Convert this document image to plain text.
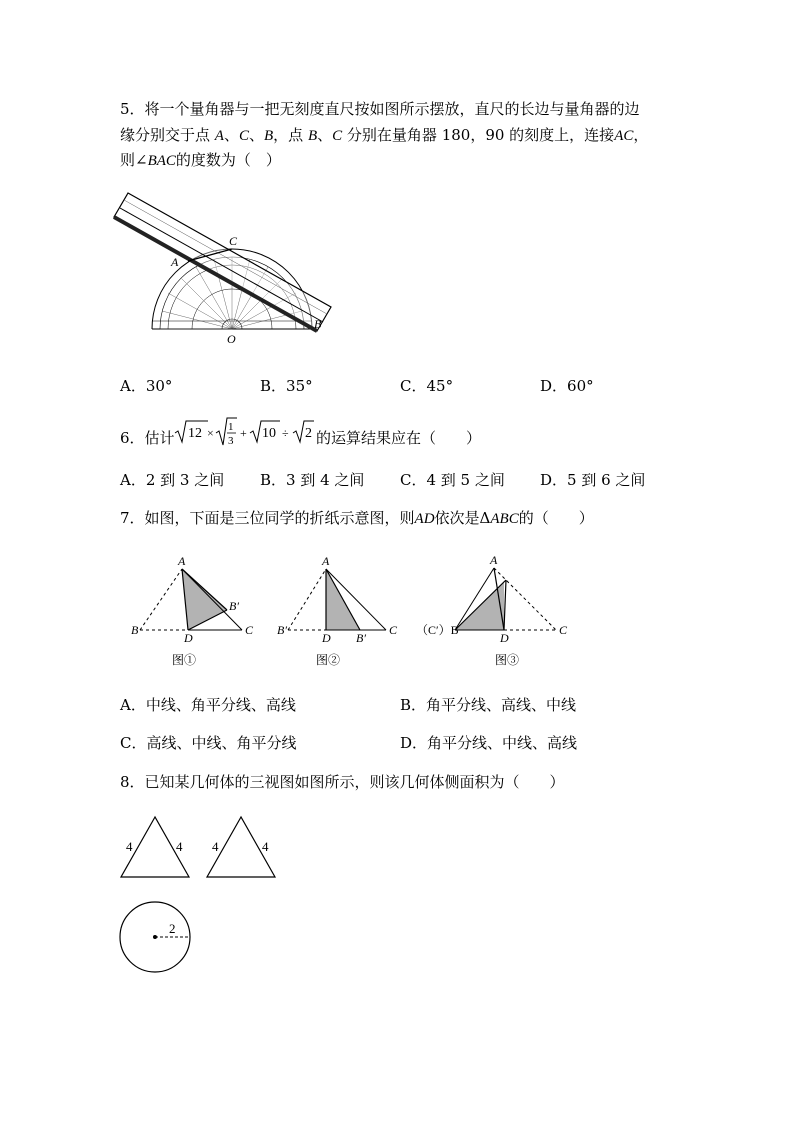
5．将一个量角器与一把无刻度直尺按如图所示摆放，直尺的长边与量角器的边
缘分别交于点 A、C、B，点 B、C 分别在量角器 180，90 的刻度上，连接AC，
则∠BAC的度数为（　）
C
A
B
O
A．30°	B．35°	C．45°	D．60°
6．估计 12 × 1
3
+ 10 ÷ 2 的运算结果应在（　　）
A．2 到 3 之间 B．3 到 4 之间 C．4 到 5 之间 D．5 到 6 之间
7．如图，下面是三位同学的折纸示意图，则AD依次是ΔABC的（　　）
A
B′
B
D
C
图①
A
B′
D B′
C
图②
A
（C′）B
D
C
图③
A．中线、角平分线、高线	B．角平分线、高线、中线
C．高线、中线、角平分线	D．角平分线、中线、高线
8．已知某几何体的三视图如图所示，则该几何体侧面积为（　　）
4	4 4	4
2
